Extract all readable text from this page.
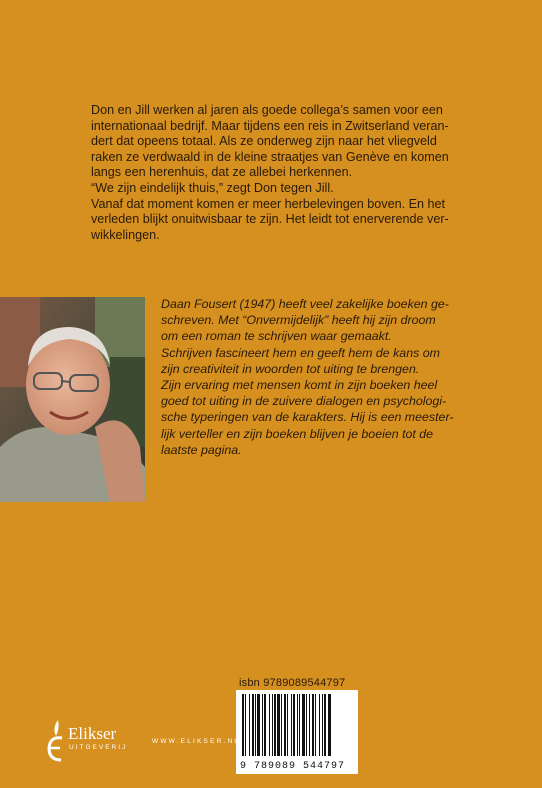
Don en Jill werken al jaren als goede collega’s samen voor een

internationaal bedrijf. Maar tijdens een reis in Zwitserland veran-

dert dat opeens totaal. Als ze onderweg zijn naar het vliegveld

raken ze verdwaald in de kleine straatjes van Genève en komen

langs een herenhuis, dat ze allebei herkennen.

“We zijn eindelijk thuis,” zegt Don tegen Jill.

Vanaf dat moment komen er meer herbelevingen boven. En het

verleden blijkt onuitwisbaar te zijn. Het leidt tot enerverende ver-

wikkelingen.

Daan Fousert (1947) heeft veel zakelijke boeken ge-

schreven. Met “Onvermijdelijk” heeft hij zijn droom

om een roman te schrijven waar gemaakt.

Schrijven fascineert hem en geeft hem de kans om

zijn creativiteit in woorden tot uiting te brengen.

Zijn ervaring met mensen komt in zijn boeken heel

goed tot uiting in de zuivere dialogen en psychologi-

sche typeringen van de karakters. Hij is een meester-

lijk verteller en zijn boeken blijven je boeien tot de

laatste pagina.

isbn 9789089544797
9 789089 544797
Elikser
UITGEVERIJ
WWW.ELIKSER.NL
